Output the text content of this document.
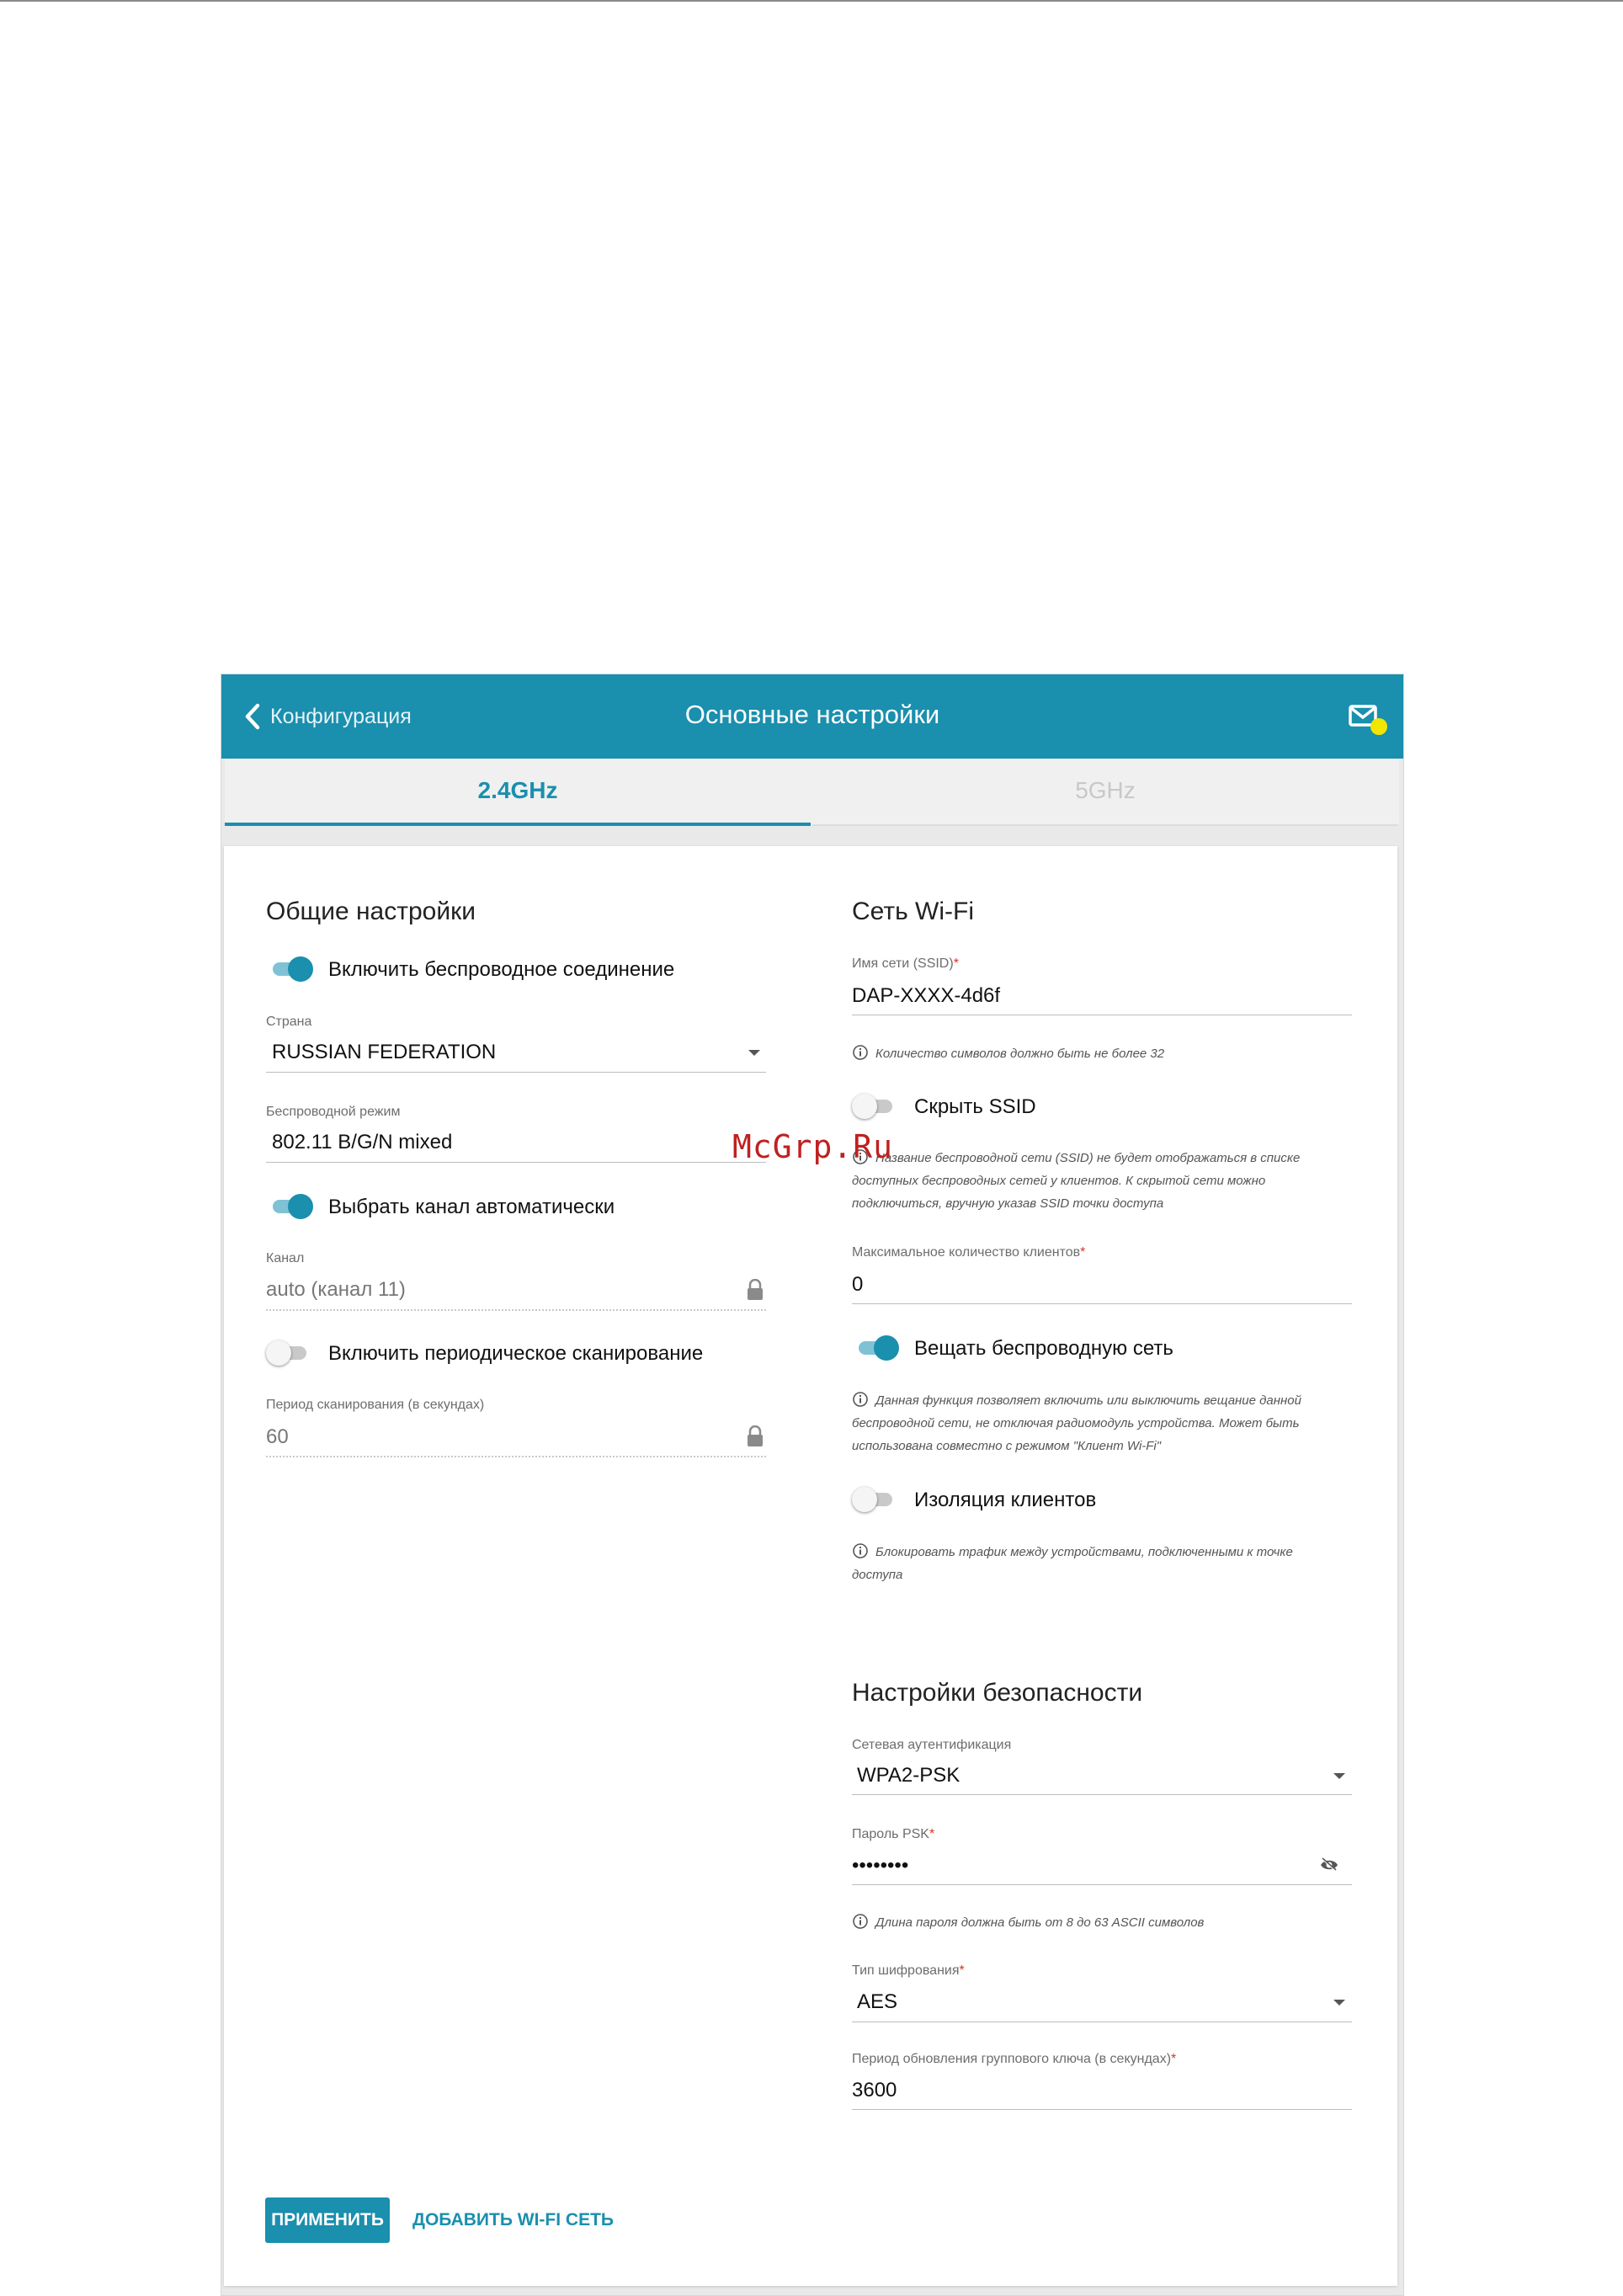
Конфигурация	Основные настройки
2.4GHz	5GHz
Общие настройки
Включить беспроводное соединение
Страна
RUSSIAN FEDERATION
Беспроводной режим
802.11 B/G/N mixed
Выбрать канал автоматически
Канал
auto (канал 11)
Включить периодическое сканирование
Период сканирования (в секундах)
60
Сеть Wi-Fi
Имя сети (SSID)*
DAP-XXXX-4d6f
Количество символов должно быть не более 32
Скрыть SSID
Название беспроводной сети (SSID) не будет отображаться в списке доступных беспроводных сетей у клиентов. К скрытой сети можно подключиться, вручную указав SSID точки доступа
Максимальное количество клиентов*
0
Вещать беспроводную сеть
Данная функция позволяет включить или выключить вещание данной беспроводной сети, не отключая радиомодуль устройства. Может быть использована совместно с режимом "Клиент Wi-Fi"
Изоляция клиентов
Блокировать трафик между устройствами, подключенными к точке доступа
Настройки безопасности
Сетевая аутентификация
WPA2-PSK
Пароль PSK*
••••••••
Длина пароля должна быть от 8 до 63 ASCII символов
Тип шифрования*
AES
Период обновления группового ключа (в секундах)*
3600
ПРИМЕНИТЬ	ДОБАВИТЬ WI-FI СЕТЬ
McGrp.Ru
